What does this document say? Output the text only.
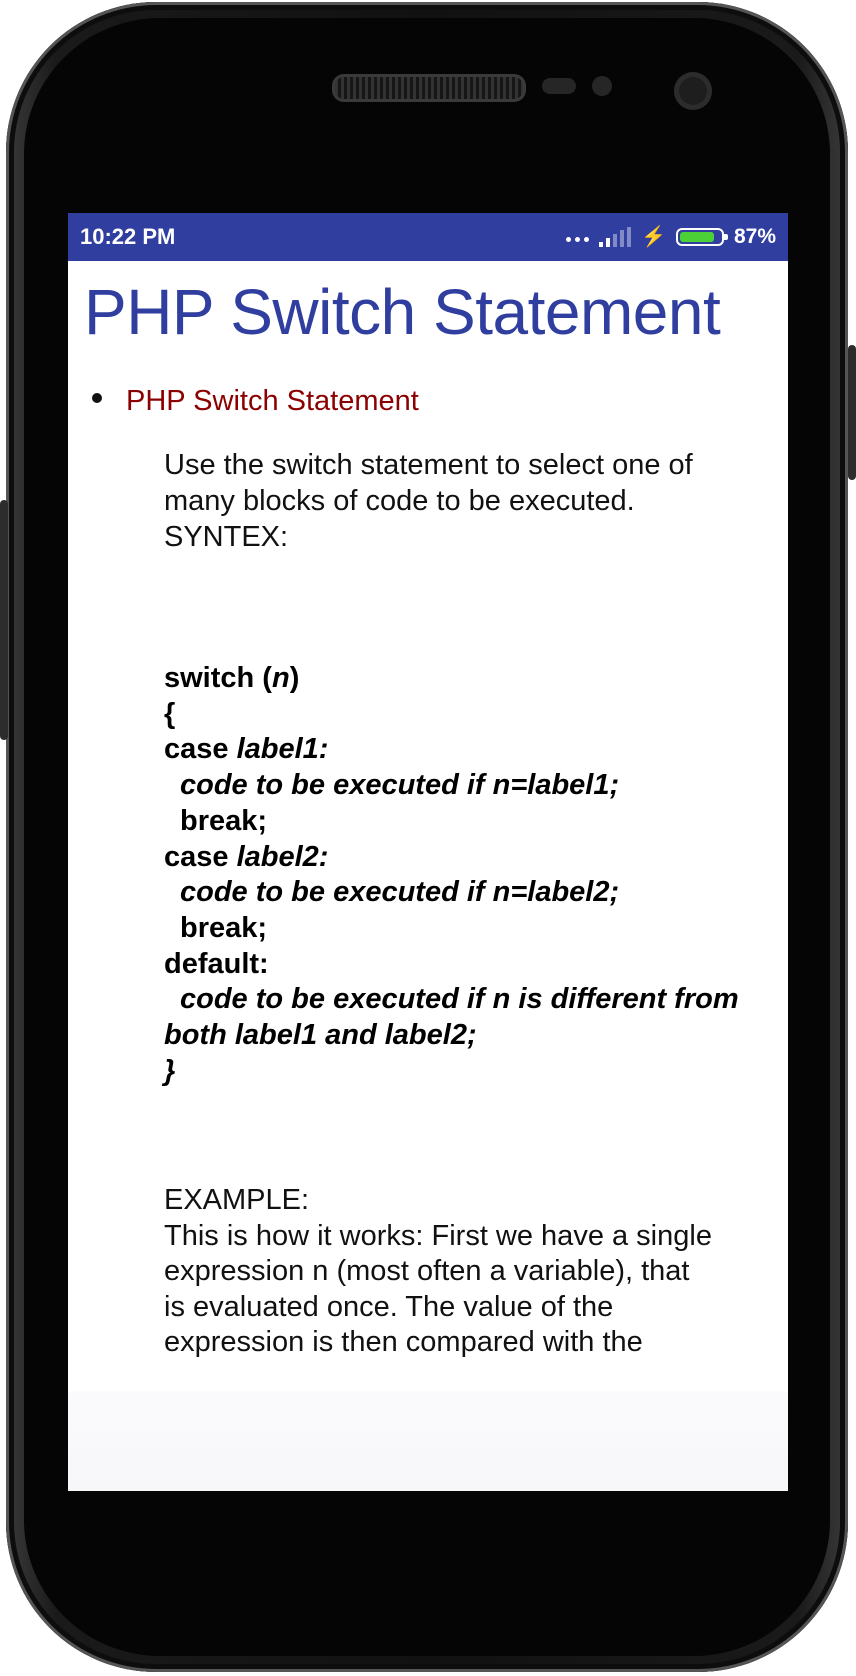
10:22 PM	⚡	87%
PHP Switch Statement
PHP Switch Statement
Use the switch statement to select one of
many blocks of code to be executed.
SYNTEX:
switch (n)
{
case label1:
code to be executed if n=label1;
break;
case label2:
code to be executed if n=label2;
break;
default:
code to be executed if n is different from
both label1 and label2;
}
EXAMPLE:
This is how it works: First we have a single
expression n (most often a variable), that
is evaluated once. The value of the
expression is then compared with the
